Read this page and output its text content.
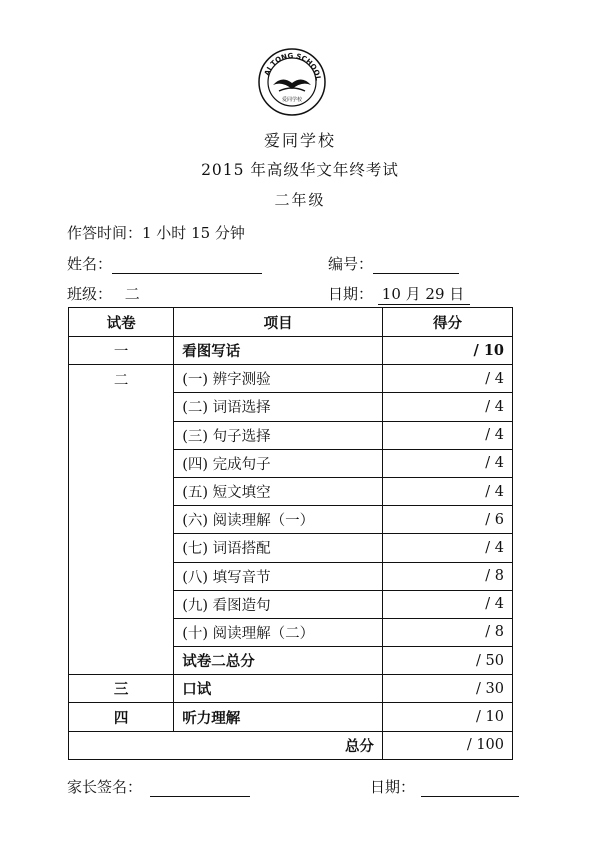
AI TONG SCHOOL
爱同学校
爱同学校
2015 年高级华文年终考试
二年级
作答时间：1 小时 15 分钟
姓名：	编号：
班级： 二	日期： 10 月 29 日
试卷	项目	得分
一	看图写话	/ 10
二	(一) 辨字测验	/ 4
	(二) 词语选择	/ 4
	(三) 句子选择	/ 4
	(四) 完成句子	/ 4
	(五) 短文填空	/ 4
	(六) 阅读理解（一）	/ 6
	(七) 词语搭配	/ 4
	(八) 填写音节	/ 8
	(九) 看图造句	/ 4
	(十) 阅读理解（二）	/ 8
	试卷二总分	/ 50
三	口试	/ 30
四	听力理解	/ 10
总分		/ 100
家长签名：	日期：
